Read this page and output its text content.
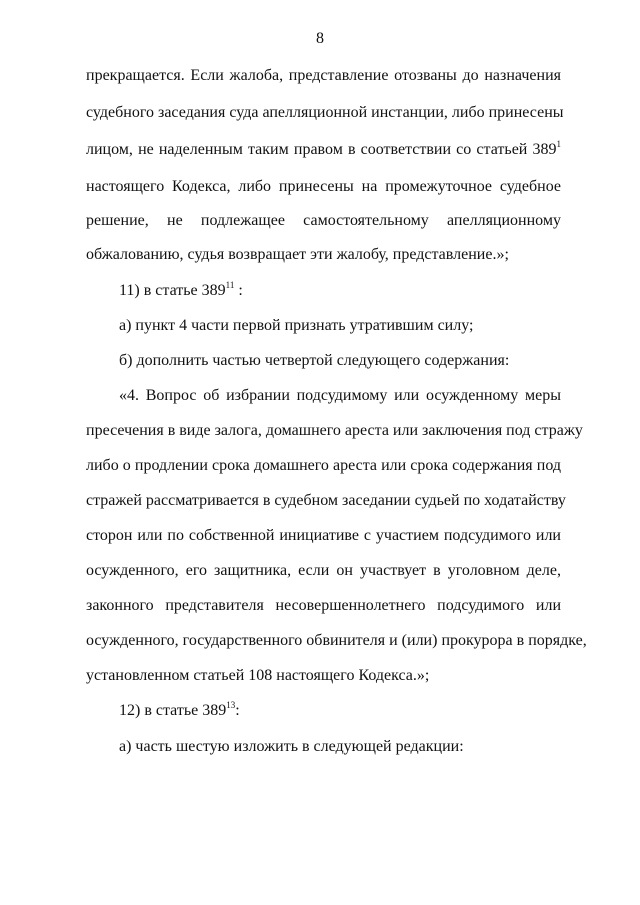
8
прекращается. Если жалоба, представление отозваны до назначения
судебного заседания суда апелляционной инстанции, либо принесены
лицом, не наделенным таким правом в соответствии со статьей $389^1$
настоящего Кодекса, либо принесены на промежуточное судебное
решение, не подлежащее самостоятельному апелляционному
обжалованию, судья возвращает эти жалобу, представление.»;
11) в статье $389^{11}$ :
а) пункт 4 части первой признать утратившим силу;
б) дополнить частью четвертой следующего содержания:
«4. Вопрос об избрании подсудимому или осужденному меры
пресечения в виде залога, домашнего ареста или заключения под стражу
либо о продлении срока домашнего ареста или срока содержания под
стражей рассматривается в судебном заседании судьей по ходатайству
сторон или по собственной инициативе с участием подсудимого или
осужденного, его защитника, если он участвует в уголовном деле,
законного представителя несовершеннолетнего подсудимого или
осужденного, государственного обвинителя и (или) прокурора в порядке,
установленном статьей 108 настоящего Кодекса.»;
12) в статье $389^{13}$:
а) часть шестую изложить в следующей редакции:
